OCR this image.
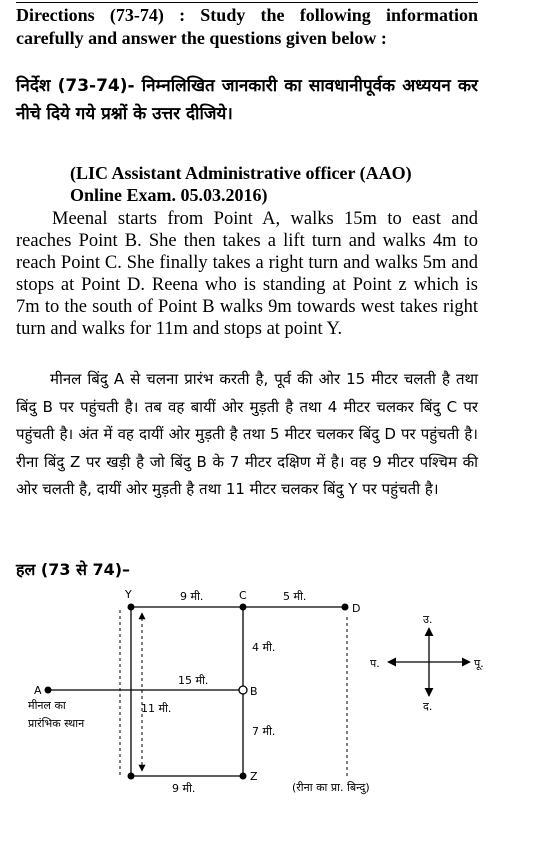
Directions (73-74) : Study the following information carefully and answer the questions given below :
निर्देश (73-74)- निम्नलिखित जानकारी का सावधानीपूर्वक अध्ययन कर नीचे दिये गये प्रश्नों के उत्तर दीजिये।
(LIC Assistant Administrative officer (AAO)
Online Exam. 05.03.2016)
Meenal starts from Point A, walks 15m to east and reaches Point B. She then takes a lift turn and walks 4m to reach Point C. She finally takes a right turn and walks 5m and stops at Point D. Reena who is standing at Point z which is 7m to the south of Point B walks 9m towards west takes right turn and walks for 11m and stops at point Y.
मीनल बिंदु A से चलना प्रारंभ करती है, पूर्व की ओर 15 मीटर चलती है तथा बिंदु B पर पहुंचती है। तब वह बायीं ओर मुड़ती है तथा 4 मीटर चलकर बिंदु C पर पहुंचती है। अंत में वह दायीं ओर मुड़ती है तथा 5 मीटर चलकर बिंदु D पर पहुंचती है। रीना बिंदु Z पर खड़ी है जो बिंदु B के 7 मीटर दक्षिण में है। वह 9 मीटर पश्चिम की ओर चलती है, दायीं ओर मुड़ती है तथा 11 मीटर चलकर बिंदु Y पर पहुंचती है।
हल (73 से 74)–
Y	C
D
A	B
Z
9 मी.	5 मी.
4 मी.
15 मी.
7 मी.
11 मी.
9 मी.
मीनल का
प्रारंभिक स्थान
(रीना का प्रा. बिन्दु)
उ.
द.
पू.
प.
